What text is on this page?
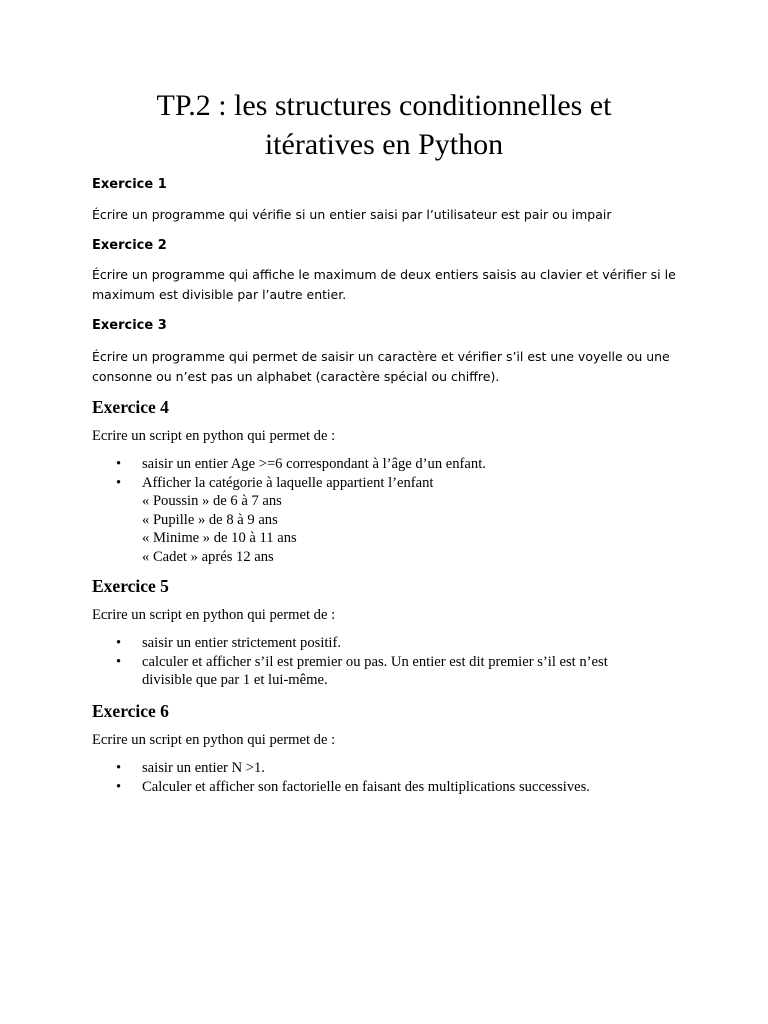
TP.2 : les structures conditionnelles et
itératives en Python
Exercice 1

Écrire un programme qui vérifie si un entier saisi par l’utilisateur est pair ou impair

Exercice 2

Écrire un programme qui affiche le maximum de deux entiers saisis au clavier et vérifier si le maximum est divisible par l’autre entier.

Exercice 3

Écrire un programme qui permet de saisir un caractère et vérifier s’il est une voyelle ou une consonne ou n’est pas un alphabet (caractère spécial ou chiffre).

Exercice 4

Ecrire un script en python qui permet de :

• saisir un entier Age >=6 correspondant à l’âge d’un enfant.
• Afficher la catégorie à laquelle appartient l’enfant
« Poussin » de 6 à 7 ans
« Pupille » de 8 à 9 ans
« Minime » de 10 à 11 ans
« Cadet » aprés 12 ans
Exercice 5

Ecrire un script en python qui permet de :

• saisir un entier strictement positif.
• calculer et afficher s’il est premier ou pas. Un entier est dit premier s’il est n’est divisible que par 1 et lui-même.
Exercice 6

Ecrire un script en python qui permet de :

• saisir un entier N >1.
• Calculer et afficher son factorielle en faisant des multiplications successives.
